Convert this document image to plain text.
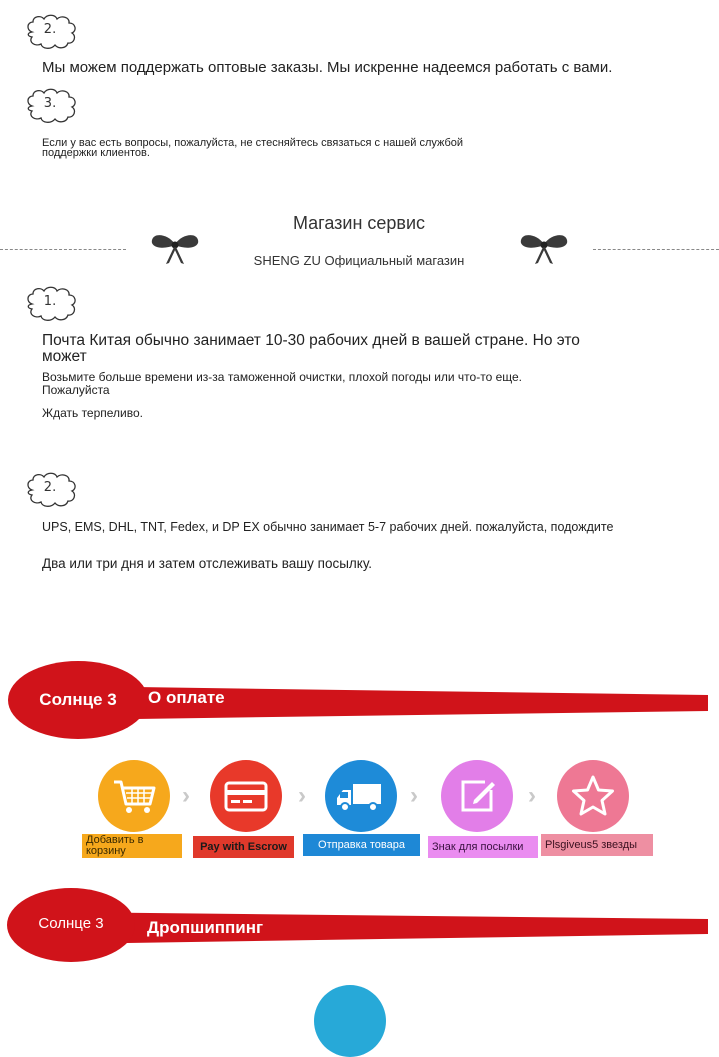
2.
Мы можем поддержать оптовые заказы. Мы искренне надеемся работать с вами.
3.
Если у вас есть вопросы, пожалуйста, не стесняйтесь связаться с нашей службой
поддержки клиентов.
Магазин сервис
SHENG ZU Официальный магазин
1.
Почта Китая обычно занимает 10-30 рабочих дней в вашей стране. Но это
может
Возьмите больше времени из-за таможенной очистки, плохой погоды или что-то еще.
Пожалуйста
Ждать терпеливо.
2.
UPS, EMS, DHL, TNT, Fedex, и DP EX обычно занимает 5-7 рабочих дней. пожалуйста, подождите
Два или три дня и затем отслеживать вашу посылку.
Солнце 3	О оплате
›	›	›	›
Добавить в корзину	Pay with Escrow	Отправка товара	Знак для посылки	Plsgiveus5 звезды
Солнце 3	Дропшиппинг
